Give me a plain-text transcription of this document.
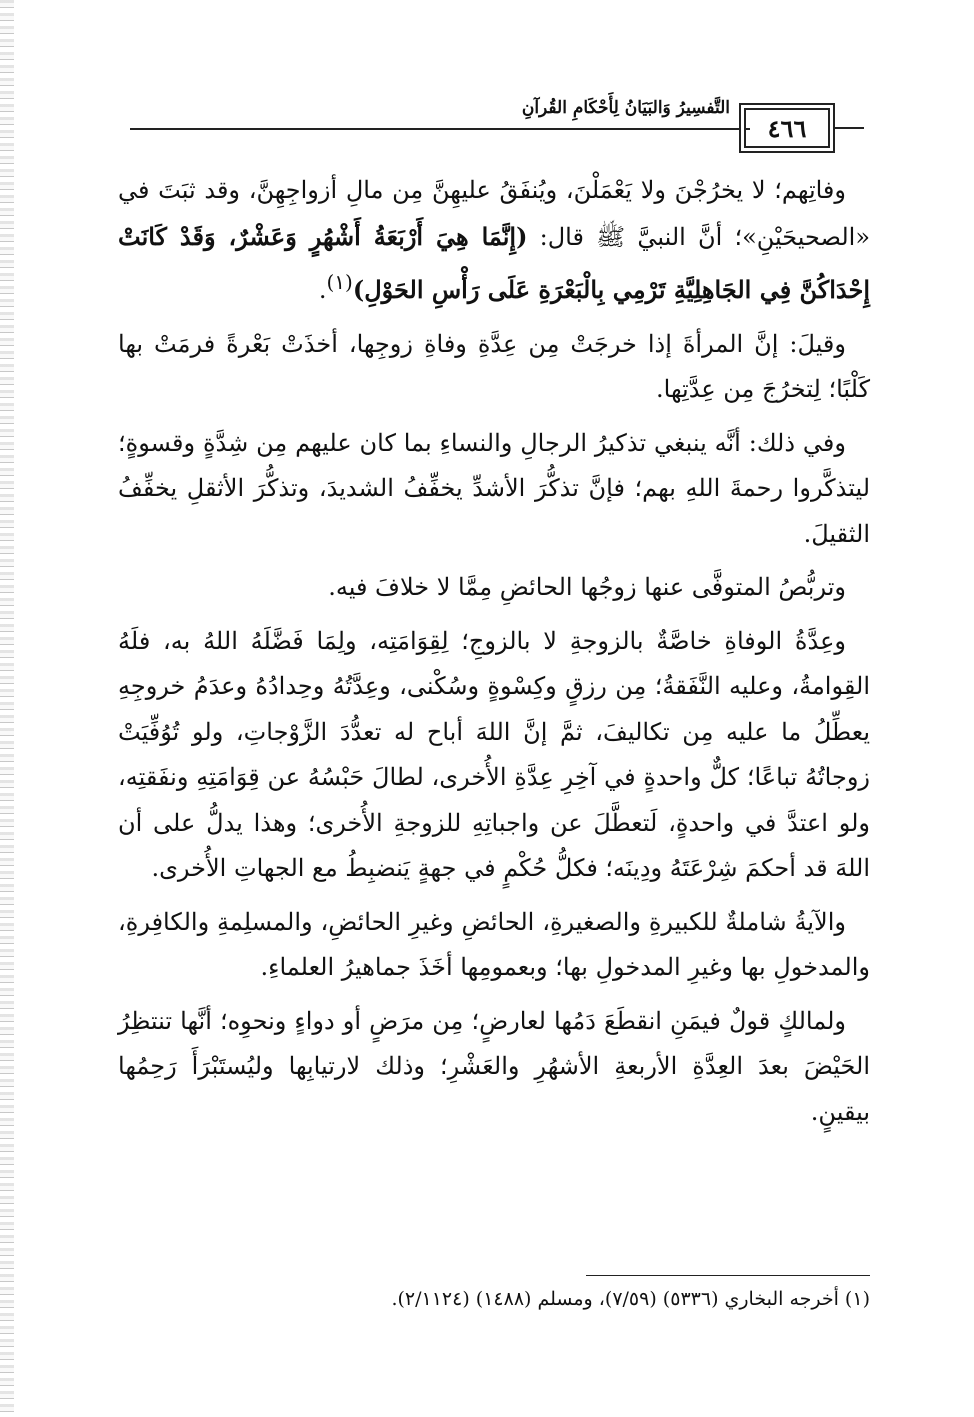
التَّفسِيرُ وَالبَيَانُ لِأَحْكَامِ القُرآنِ
٤٦٦

وفاتِهم؛ لا يخرُجْنَ ولا يَعْمَلْنَ، ويُنفَقُ عليهِنَّ مِن مالِ أزواجِهِنَّ، وقد ثبَتَ في «الصحيحَيْنِ»؛ أنَّ النبيَّ ﷺ قال: (إِنَّمَا هِيَ أَرْبَعَةُ أَشْهُرٍ وَعَشْرٌ، وَقَدْ كَانَتْ إِحْدَاكُنَّ فِي الجَاهِلِيَّةِ تَرْمِي بِالْبَعْرَةِ عَلَى رَأْسِ الحَوْلِ)$^{(١)}$.

وقيلَ: إنَّ المرأةَ إذا خرجَتْ مِن عِدَّةِ وفاةِ زوجِها، أخذَتْ بَعْرةً فرمَتْ بها كَلْبًا؛ لِتخرُجَ مِن عِدَّتِها.

وفي ذلك: أنَّه ينبغي تذكيرُ الرجالِ والنساءِ بما كان عليهم مِن شِدَّةٍ وقسوةٍ؛ ليتذكَّروا رحمةَ اللهِ بهم؛ فإنَّ تذكُّرَ الأشدِّ يخفِّفُ الشديدَ، وتذكُّرَ الأثقلِ يخفِّفُ الثقيلَ.

وتربُّصُ المتوفَّى عنها زوجُها الحائضِ مِمَّا لا خلافَ فيه.

وعِدَّةُ الوفاةِ خاصَّةٌ بالزوجةِ لا بالزوجِ؛ لِقِوَامَتِه، ولِمَا فَضَّلَهُ اللهُ به، فلَهُ القِوامةُ، وعليه النَّفَقةُ؛ مِن رزقٍ وكِسْوةٍ وسُكْنى، وعِدَّتُهُ وحِدادُهُ وعدَمُ خروجِهِ يعطِّلُ ما عليه مِن تكاليفَ، ثمَّ إنَّ اللهَ أباح له تعدُّدَ الزَّوْجاتِ، ولو تُوُفِّيَتْ زوجاتُهُ تباعًا؛ كلٌّ واحدةٍ في آخِرِ عِدَّةِ الأُخرى، لطالَ حَبْسُهُ عن قِوَامَتِهِ ونفَقتِه، ولو اعتدَّ في واحدةٍ، لَتعطَّلَ عن واجباتِهِ للزوجةِ الأُخرى؛ وهذا يدلُّ على أن اللهَ قد أحكمَ شِرْعَتَهُ ودِينَه؛ فكلُّ حُكْمٍ في جهةٍ يَنضبِطُ مع الجهاتِ الأُخرى.

والآيةُ شاملةٌ للكبيرةِ والصغيرةِ، الحائضِ وغيرِ الحائضِ، والمسلِمةِ والكافِرةِ، والمدخولِ بها وغيرِ المدخولِ بها؛ وبعمومِها أخَذَ جماهيرُ العلماءِ.

ولمالكٍ قولٌ فيمَنِ انقطَعَ دَمُها لعارضٍ؛ مِن مرَضٍ أو دواءٍ ونحوِه؛ أنَّها تنتظِرُ الحَيْضَ بعدَ العِدَّةِ الأربعةِ الأشهُرِ والعَشْرِ؛ وذلك لارتيابِها وليُستَبْرَأَ رَحِمُها بيقينٍ.

(١) أخرجه البخاري (٥٣٣٦) (٧/٥٩)، ومسلم (١٤٨٨) (٢/١١٢٤).
